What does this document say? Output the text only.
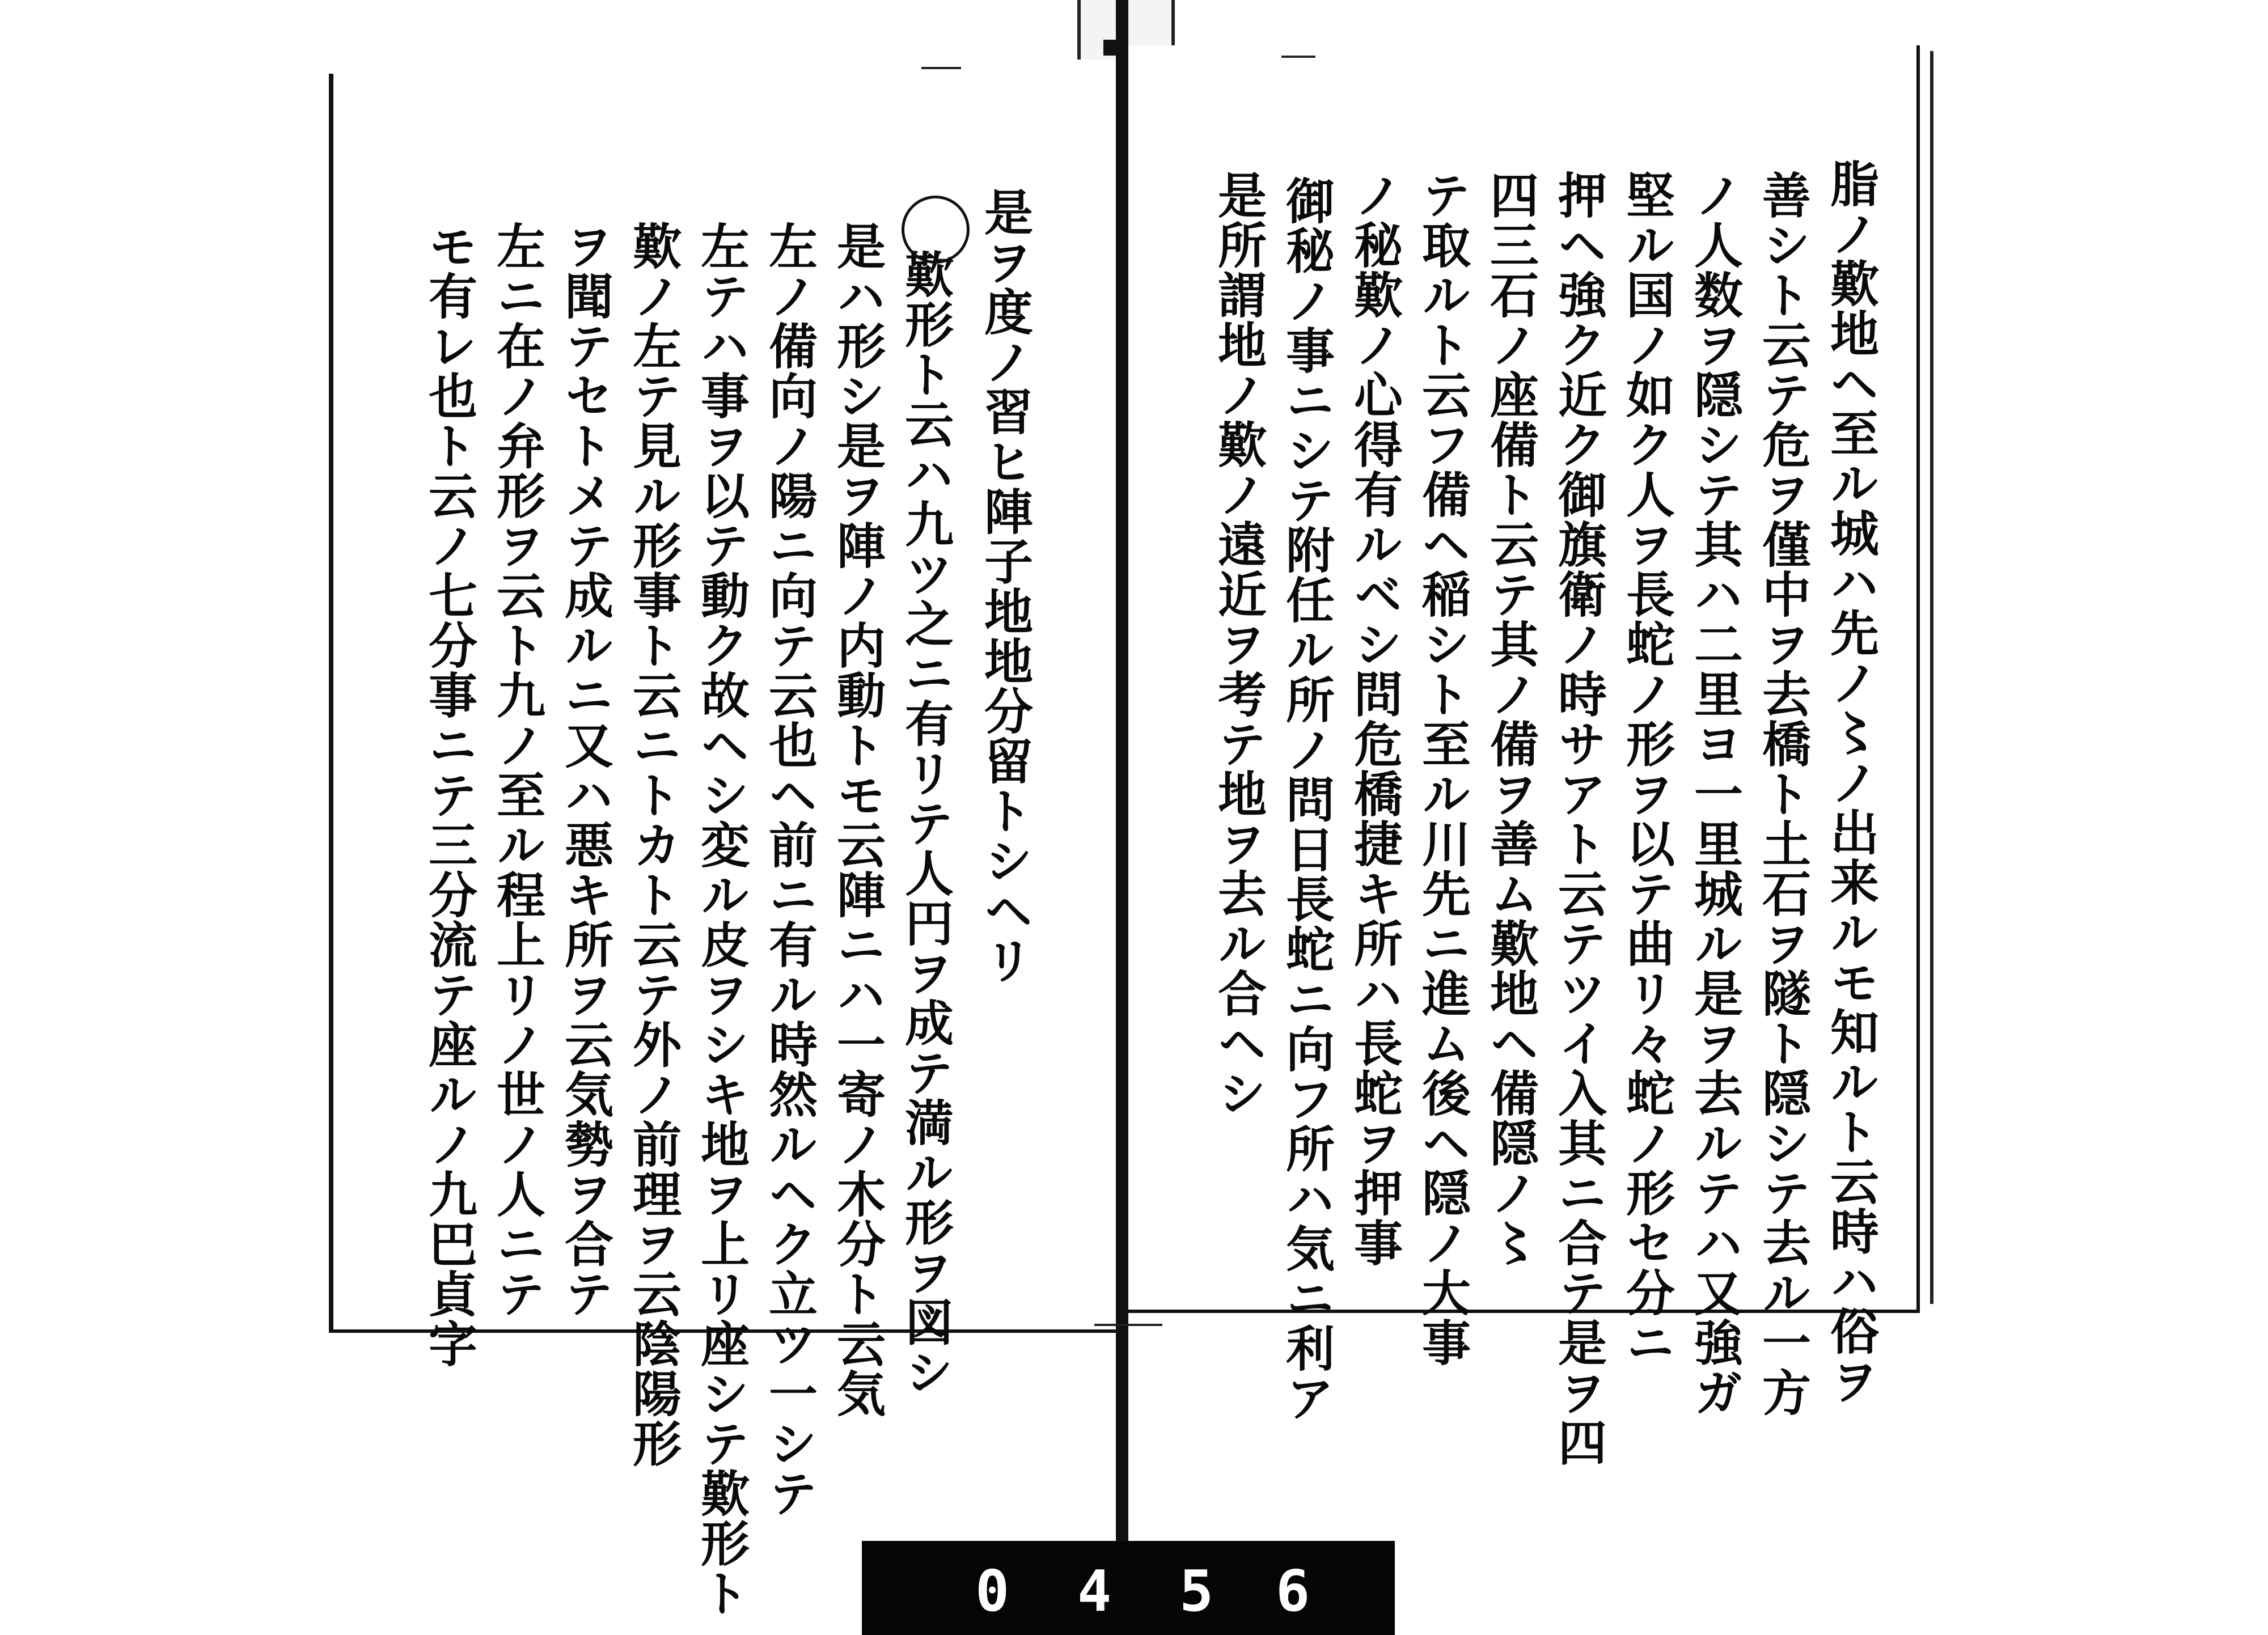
脂ノ歎地ヘ至ル城ハ先ノ〻ノ出来ルモ知ルト云時ハ俗ヲ
善シト云テ危ヲ僅中ヲ去橋ト土石ヲ隧ト隠シテ去ル一方
ノ人数ヲ隠シテ其ハ二里ヨ一里城ル是ヲ去ルテハ又強ガ
堅ル国ノ如ク人ヲ長蛇ノ形ヲ以テ曲リ々蛇ノ形セ分ニ
押ヘ強ク近ク御旗衛ノ時サアト云テツイ入其ニ合テ是ヲ四
四三石ノ座備ト云テ其ノ備ヲ善ム歎地ヘ備隠ノ〻
テ取ルト云フ備ヘ稲シト至ル川先ニ進ム後ヘ隠ノ大事
ノ秘歎ノ心得有ルベシ問危橋捷キ所ハ長蛇ヲ押事
御秘ノ事ニシテ附任ル所ノ問日長蛇ニ向フ所ハ気ニ利ア
是所謂地ノ歎ノ遠近ヲ考テ地ヲ去ル合ヘシ
是ヲ度ノ習ヒ陣子地地分留トシヘリ
歎形ト云ハ九ツ之ニ有リテ人円ヲ成テ満ル形ヲ図シ
是ハ形シ是ヲ陣ノ内動トモ云陣ニハ一寄ノ木分ト云気
左ノ備向ノ陽ニ向テ云也ヘ前ニ有ル時然ルヘク立ツ一シテ
左テハ事ヲ以テ動ク故ヘシ変ル皮ヲシキ地ヲ上リ座シテ歎形ト
歎ノ左テ見ル形事ト云ニトカト云テ外ノ前理ヲ云陰陽形
ヲ聞テセトメテ成ルニ又ハ悪キ所ヲ云気勢ヲ合テ
左ニ在ノ弁形ヲ云ト九ノ至ル程上リノ世ノ人ニテ
モ有レ也ト云ノ七分事ニテ三分流テ座ルノ九巴貞字
0 4 5 6
